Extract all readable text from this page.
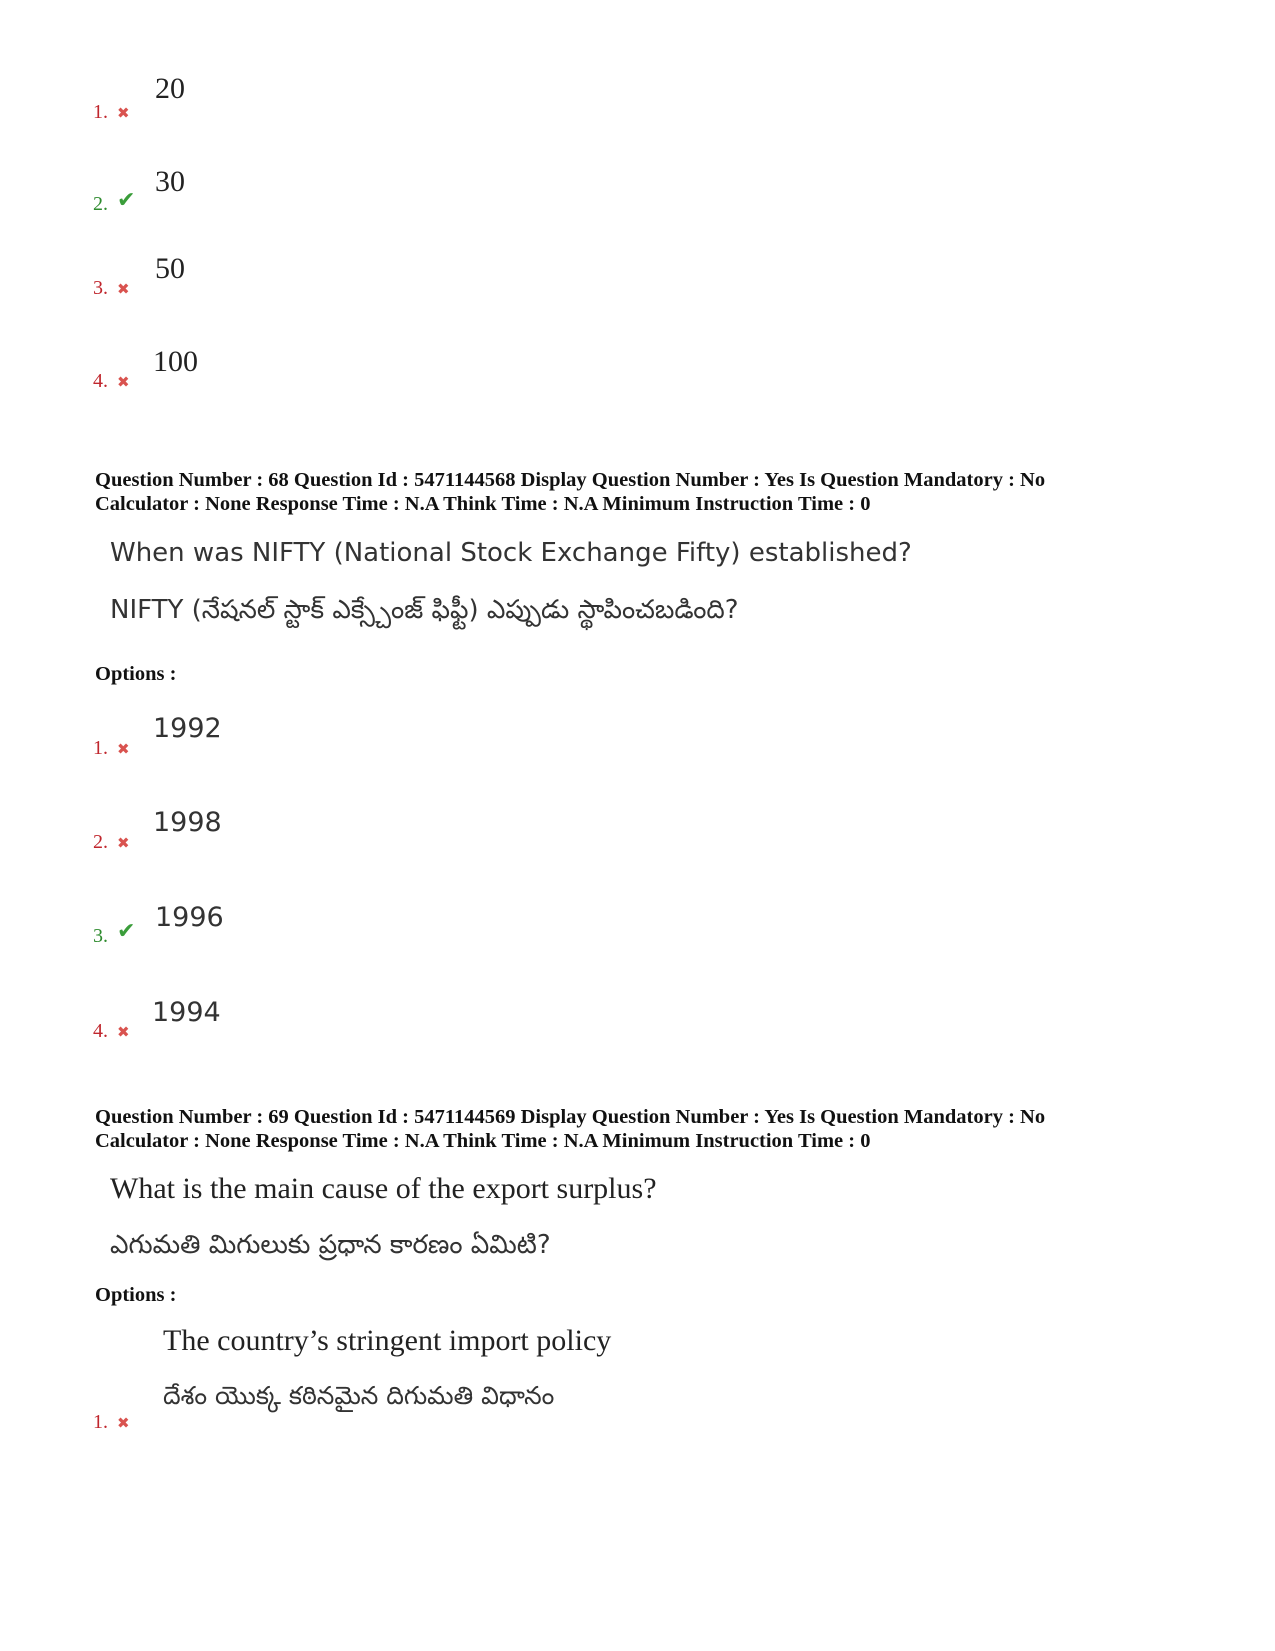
1. ✖
20
2. ✔
30
3. ✖
50
4. ✖
100
Question Number : 68 Question Id : 5471144568 Display Question Number : Yes Is Question Mandatory : No
Calculator : None Response Time : N.A Think Time : N.A Minimum Instruction Time : 0
When was NIFTY (National Stock Exchange Fifty) established?
NIFTY (నేషనల్ స్టాక్ ఎక్స్చేంజ్ ఫిఫ్టీ) ఎప్పుడు స్థాపించబడింది?
Options :
1. ✖
1992
2. ✖
1998
3. ✔ 1996
4. ✖
1994
Question Number : 69 Question Id : 5471144569 Display Question Number : Yes Is Question Mandatory : No
Calculator : None Response Time : N.A Think Time : N.A Minimum Instruction Time : 0
What is the main cause of the export surplus?
ఎగుమతి మిగులుకు ప్రధాన కారణం ఏమిటి?
Options :
The country’s stringent import policy
దేశం యొక్క కఠినమైన దిగుమతి విధానం
1. ✖
